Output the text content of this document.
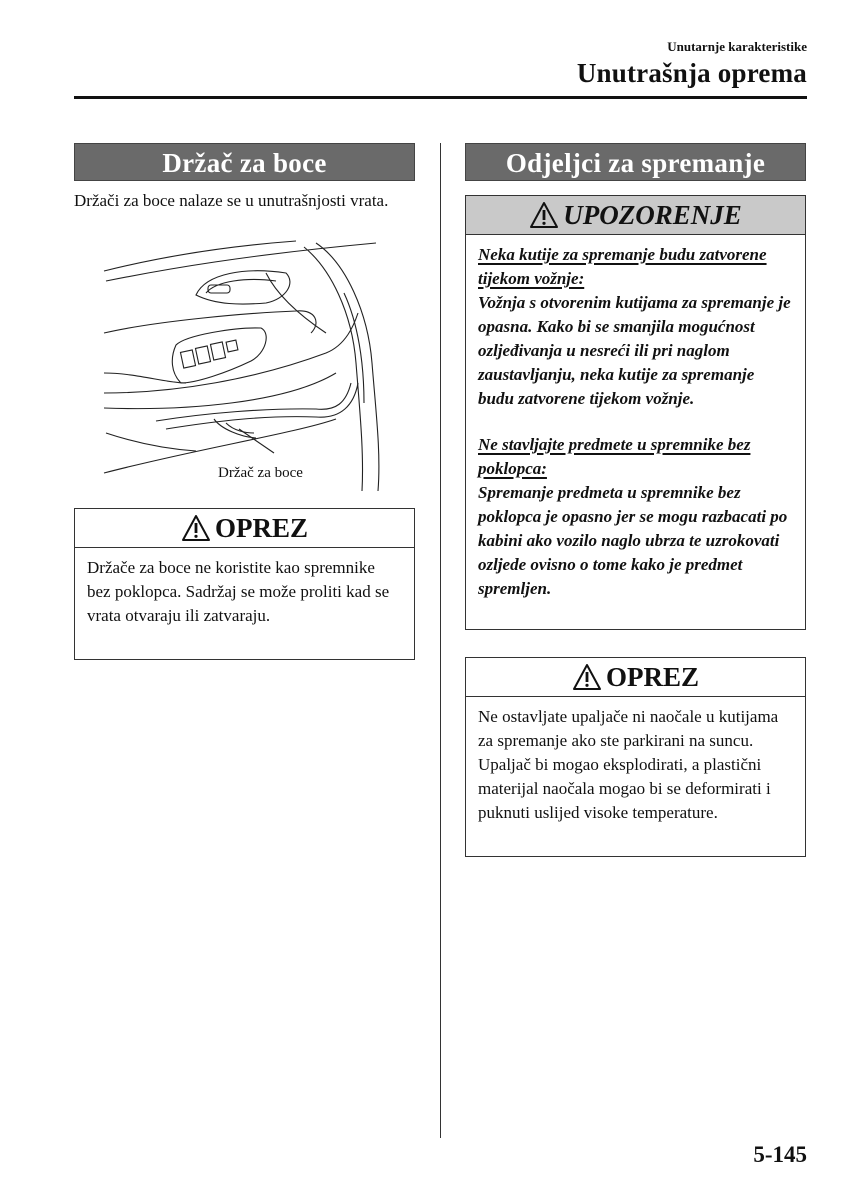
Unutarnje karakteristike
Unutrašnja oprema
Držač za boce
Držači za boce nalaze se u unutrašnjosti vrata.
Držač za boce
OPREZ
Držače za boce ne koristite kao spremnike bez poklopca. Sadržaj se može proliti kad se vrata otvaraju ili zatvaraju.
Odjeljci za spremanje
UPOZORENJE
Neka kutije za spremanje budu zatvorene tijekom vožnje:
Vožnja s otvorenim kutijama za spremanje je opasna. Kako bi se smanjila mogućnost ozljeđivanja u nesreći ili pri naglom zaustavljanju, neka kutije za spremanje budu zatvorene tijekom vožnje.
Ne stavljajte predmete u spremnike bez poklopca:
Spremanje predmeta u spremnike bez poklopca je opasno jer se mogu razbacati po kabini ako vozilo naglo ubrza te uzrokovati ozljede ovisno o tome kako je predmet spremljen.
OPREZ
Ne ostavljate upaljače ni naočale u kutijama za spremanje ako ste parkirani na suncu. Upaljač bi mogao eksplodirati, a plastični materijal naočala mogao bi se deformirati i puknuti uslijed visoke temperature.
5-145
